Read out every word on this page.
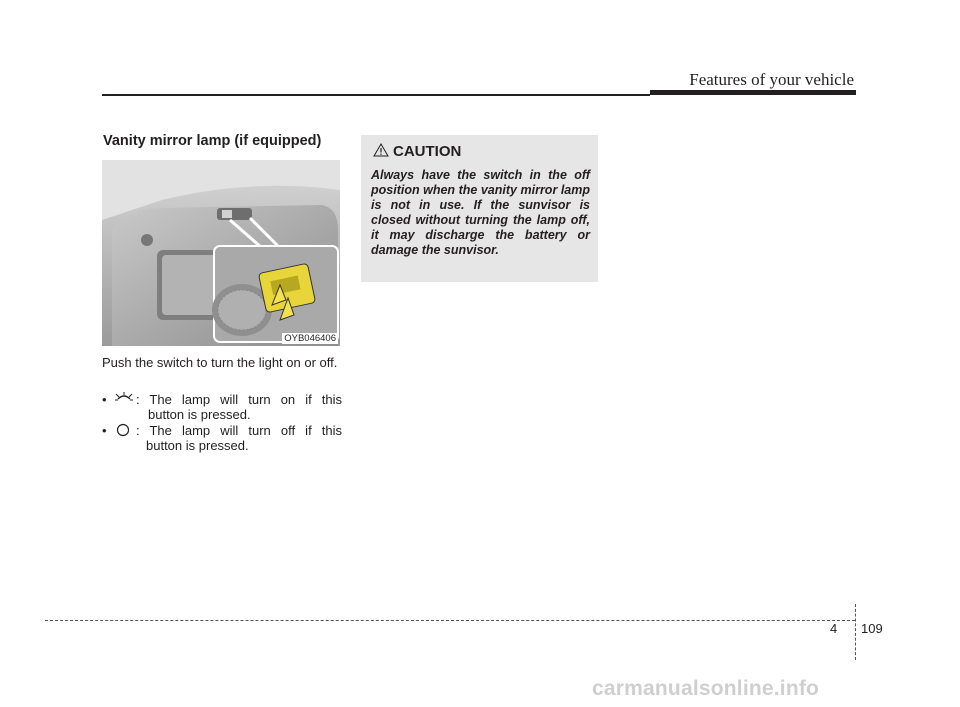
Features of your vehicle
Vanity mirror lamp (if equipped)
OYB046406
Push the switch to turn the light on or off.
• : The lamp will turn on if this
button is pressed.
• : The lamp will turn off if this
button is pressed.
CAUTION
Always have the switch in the off position when the vanity mirror lamp is not in use. If the sunvisor is closed without turning the lamp off, it may discharge the battery or damage the sunvisor.
4 109
carmanualsonline.info
